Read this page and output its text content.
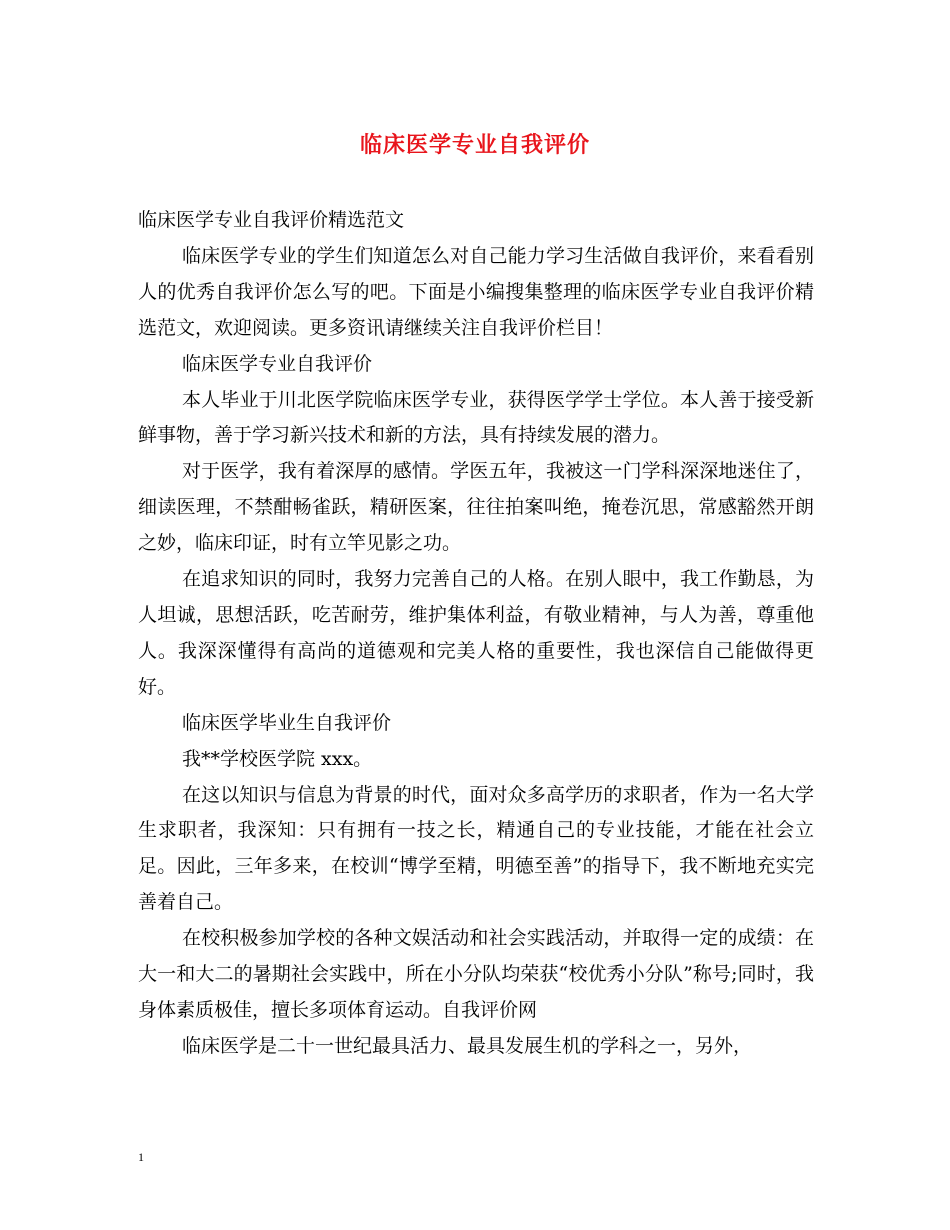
临床医学专业自我评价

临床医学专业自我评价精选范文

临床医学专业的学生们知道怎么对自己能力学习生活做自我评价，来看看别人的优秀自我评价怎么写的吧。下面是小编搜集整理的临床医学专业自我评价精选范文，欢迎阅读。更多资讯请继续关注自我评价栏目！

临床医学专业自我评价

本人毕业于川北医学院临床医学专业，获得医学学士学位。本人善于接受新鲜事物，善于学习新兴技术和新的方法，具有持续发展的潜力。

对于医学，我有着深厚的感情。学医五年，我被这一门学科深深地迷住了，细读医理，不禁酣畅雀跃，精研医案，往往拍案叫绝，掩卷沉思，常感豁然开朗之妙，临床印证，时有立竿见影之功。

在追求知识的同时，我努力完善自己的人格。在别人眼中，我工作勤恳，为人坦诚，思想活跃，吃苦耐劳，维护集体利益，有敬业精神，与人为善，尊重他人。我深深懂得有高尚的道德观和完美人格的重要性，我也深信自己能做得更好。

临床医学毕业生自我评价

我**学校医学院 xxx。

在这以知识与信息为背景的时代，面对众多高学历的求职者，作为一名大学生求职者，我深知：只有拥有一技之长，精通自己的专业技能，才能在社会立足。因此，三年多来，在校训“博学至精，明德至善”的指导下，我不断地充实完善着自己。

在校积极参加学校的各种文娱活动和社会实践活动，并取得一定的成绩：在大一和大二的暑期社会实践中，所在小分队均荣获“校优秀小分队”称号;同时，我身体素质极佳，擅长多项体育运动。自我评价网

临床医学是二十一世纪最具活力、最具发展生机的学科之一，另外，

1
